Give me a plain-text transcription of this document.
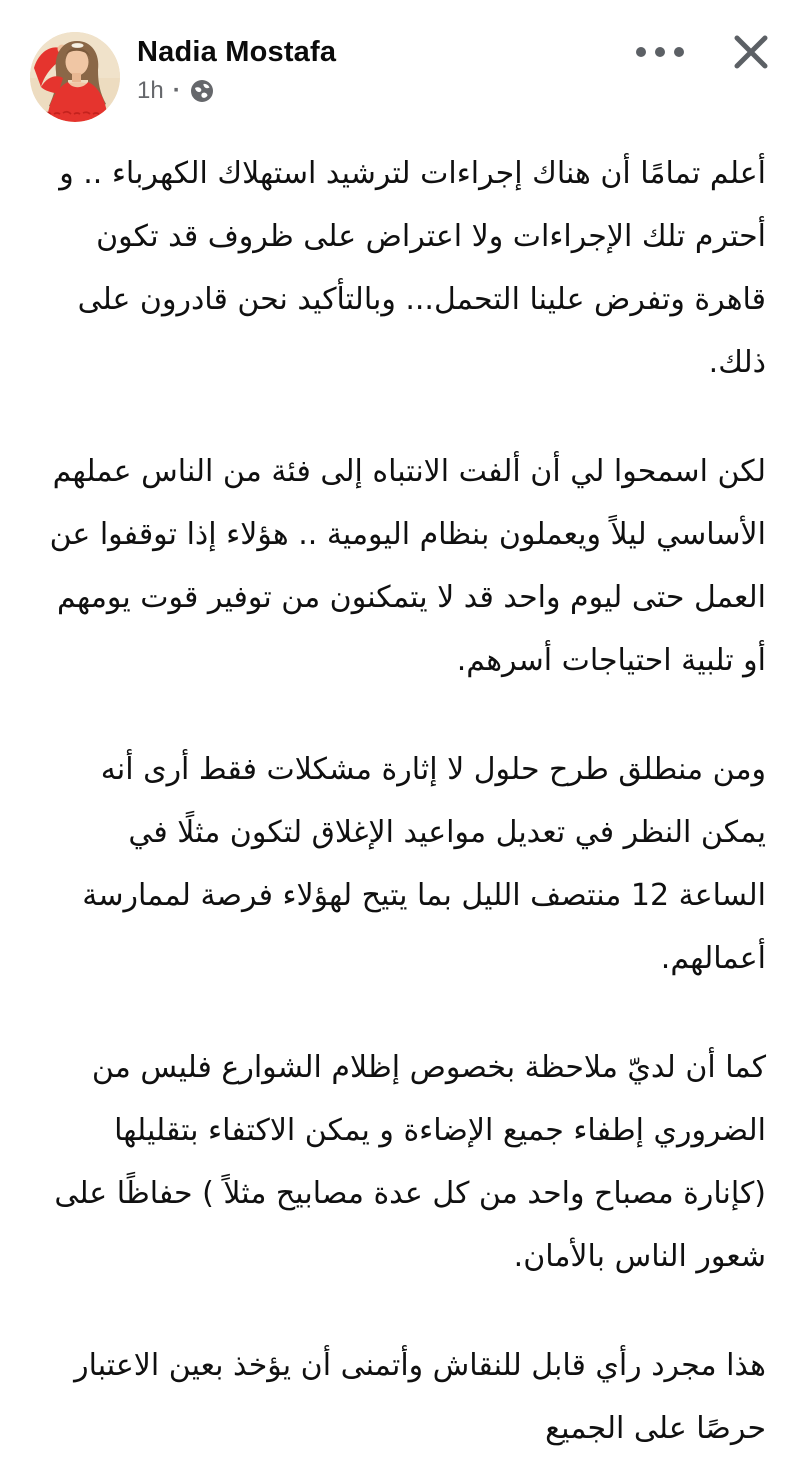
Nadia Mostafa
1h ·

أعلم تمامًا أن هناك إجراءات لترشيد استهلاك الكهرباء .. و أحترم تلك الإجراءات ولا اعتراض على ظروف قد تكون قاهرة وتفرض علينا التحمل... وبالتأكيد نحن قادرون على ذلك.

لكن اسمحوا لي أن ألفت الانتباه إلى فئة من الناس عملهم الأساسي ليلاً ويعملون بنظام اليومية .. هؤلاء إذا توقفوا عن العمل حتى ليوم واحد قد لا يتمكنون من توفير قوت يومهم أو تلبية احتياجات أسرهم.

ومن منطلق طرح حلول لا إثارة مشكلات فقط أرى أنه يمكن النظر في تعديل مواعيد الإغلاق لتكون مثلًا في الساعة 12 منتصف الليل بما يتيح لهؤلاء فرصة لممارسة أعمالهم.

كما أن لديّ ملاحظة بخصوص إظلام الشوارع فليس من الضروري إطفاء جميع الإضاءة و يمكن الاكتفاء بتقليلها (كإنارة مصباح واحد من كل عدة مصابيح مثلاً ) حفاظًا على شعور الناس بالأمان.

هذا مجرد رأي قابل للنقاش وأتمنى أن يؤخذ بعين الاعتبار حرصًا على الجميع
